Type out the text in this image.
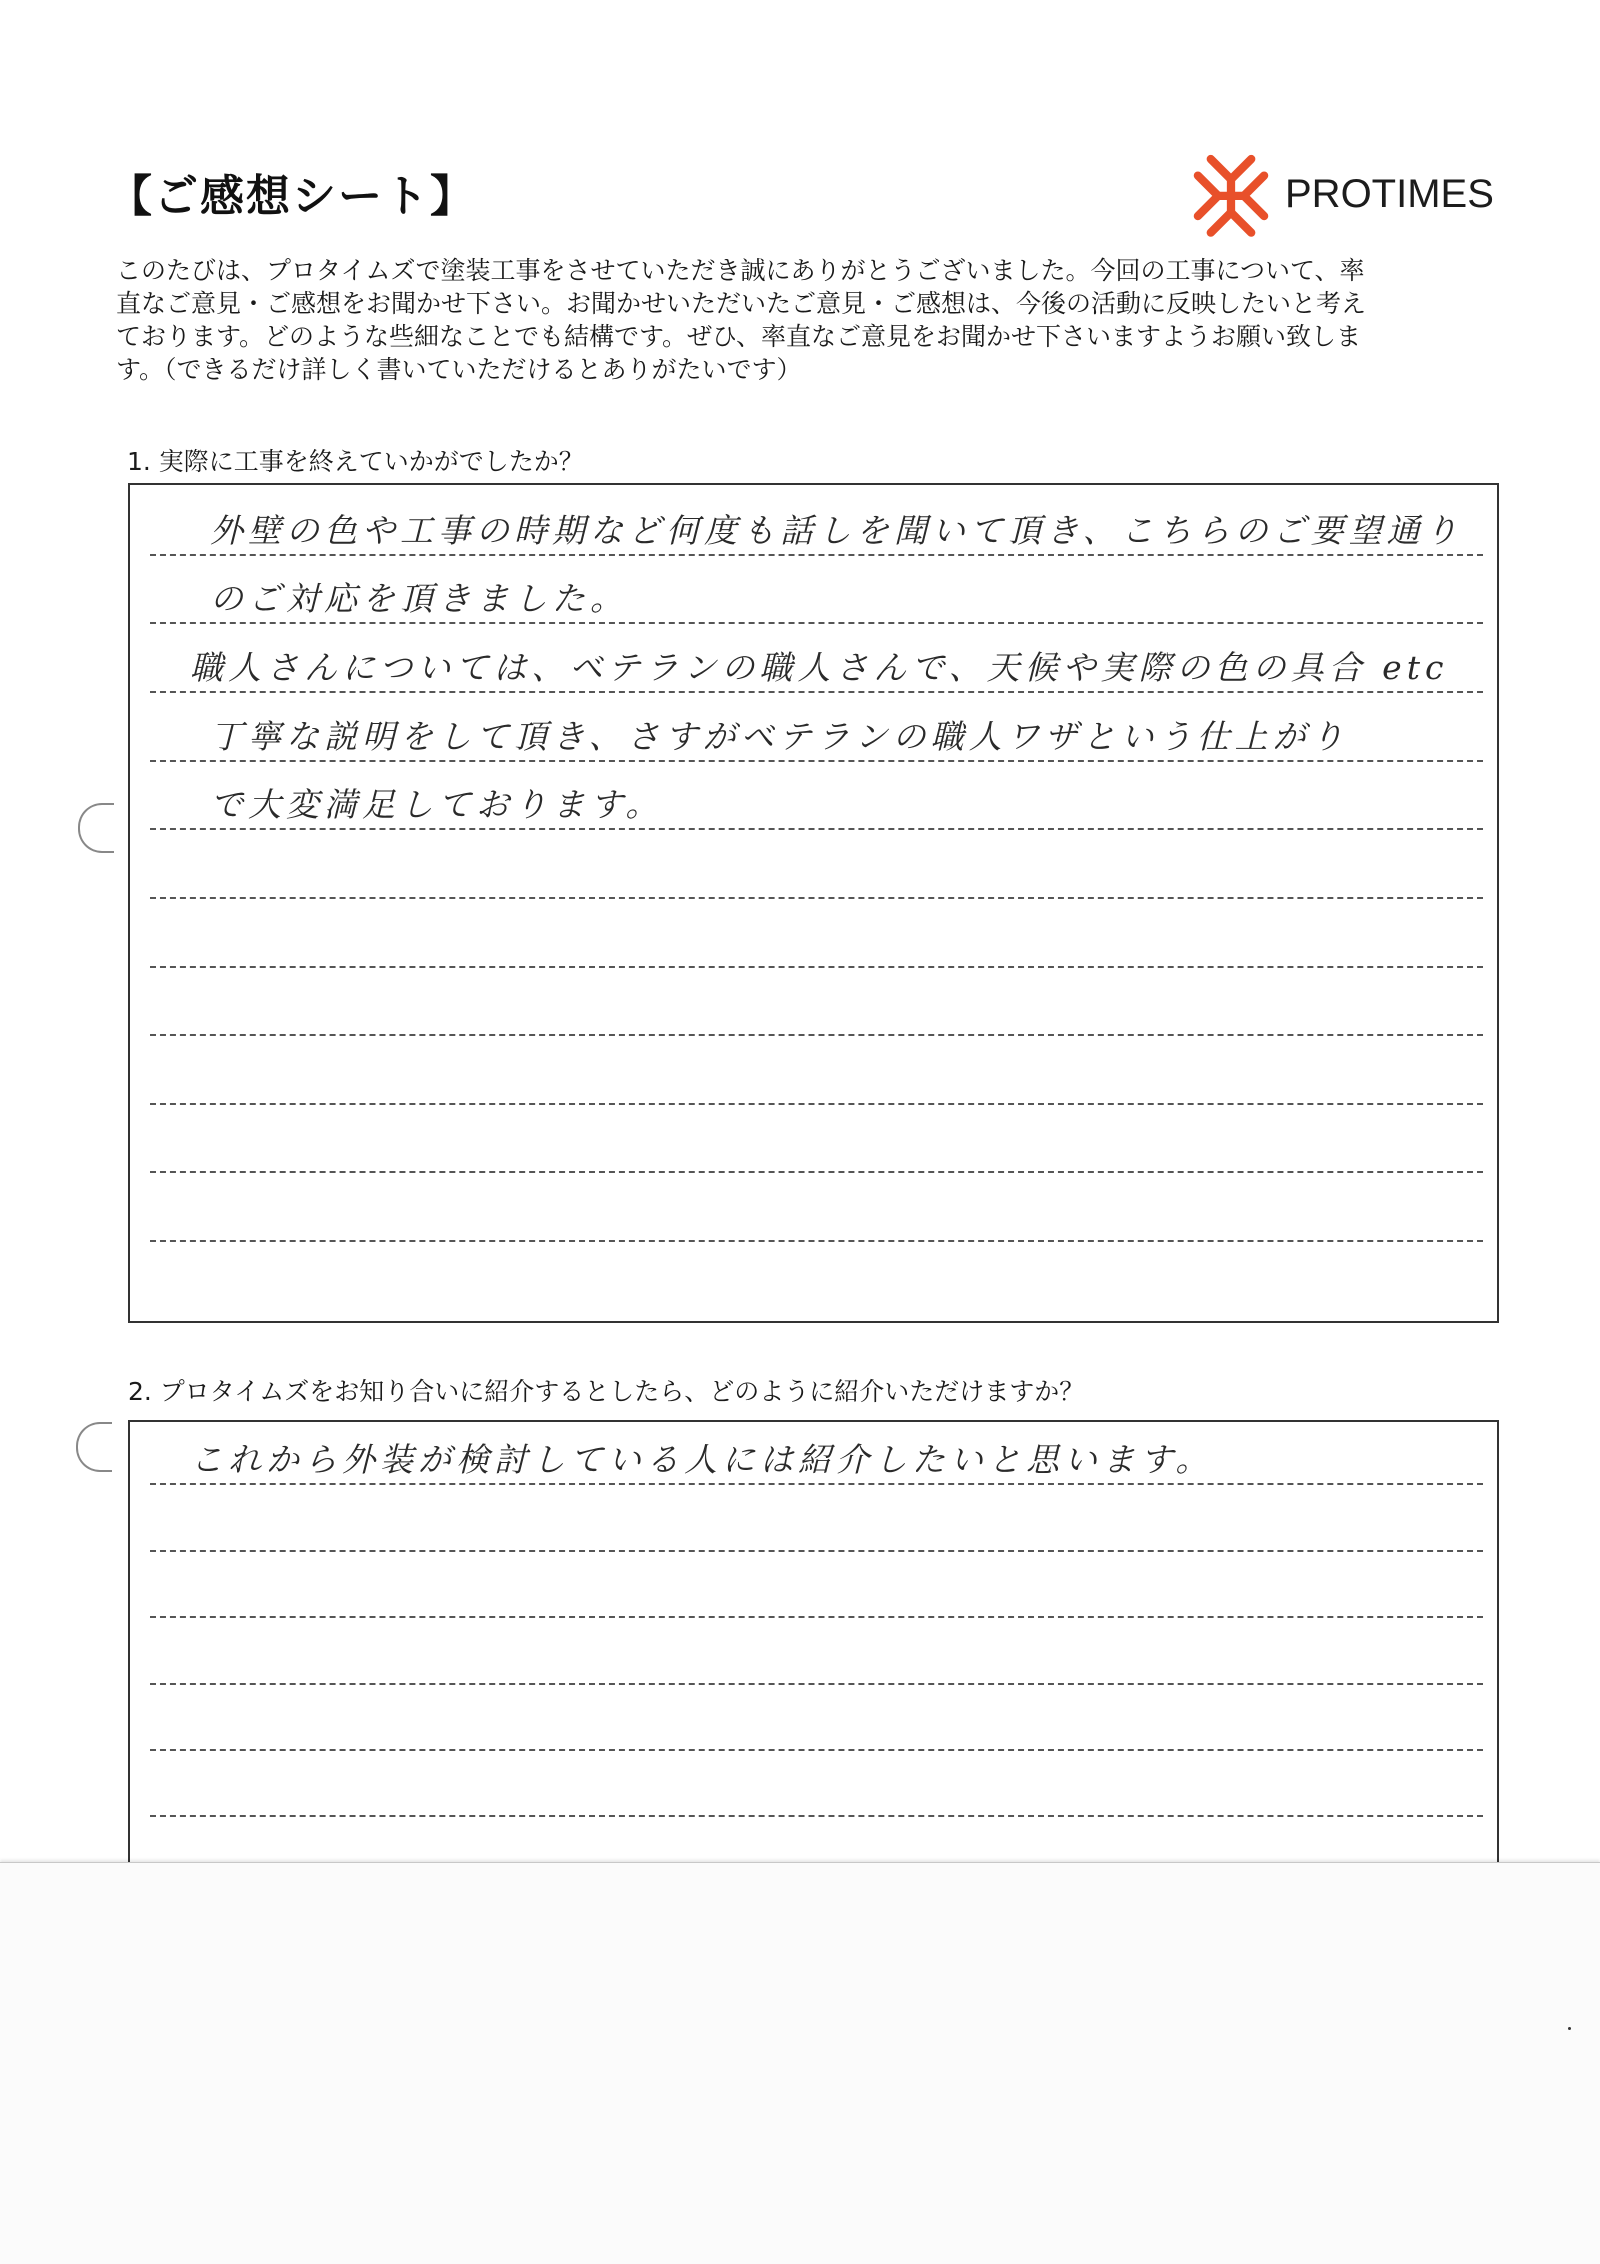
【ご感想シート】	PROTIMES

このたびは、プロタイムズで塗装工事をさせていただき誠にありがとうございました。今回の工事について、率
直なご意見・ご感想をお聞かせ下さい。お聞かせいただいたご意見・ご感想は、今後の活動に反映したいと考え
ております。どのような些細なことでも結構です。ぜひ、率直なご意見をお聞かせ下さいますようお願い致しま
す。（できるだけ詳しく書いていただけるとありがたいです）

1. 実際に工事を終えていかがでしたか？
外壁の色や工事の時期など何度も話しを聞いて頂き、こちらのご要望通り
のご対応を頂きました。
職人さんについては、ベテランの職人さんで、天候や実際の色の具合 etc
丁寧な説明をして頂き、さすがベテランの職人ワザという仕上がり
で大変満足しております。
2. プロタイムズをお知り合いに紹介するとしたら、どのように紹介いただけますか？
これから外装が検討している人には紹介したいと思います。
